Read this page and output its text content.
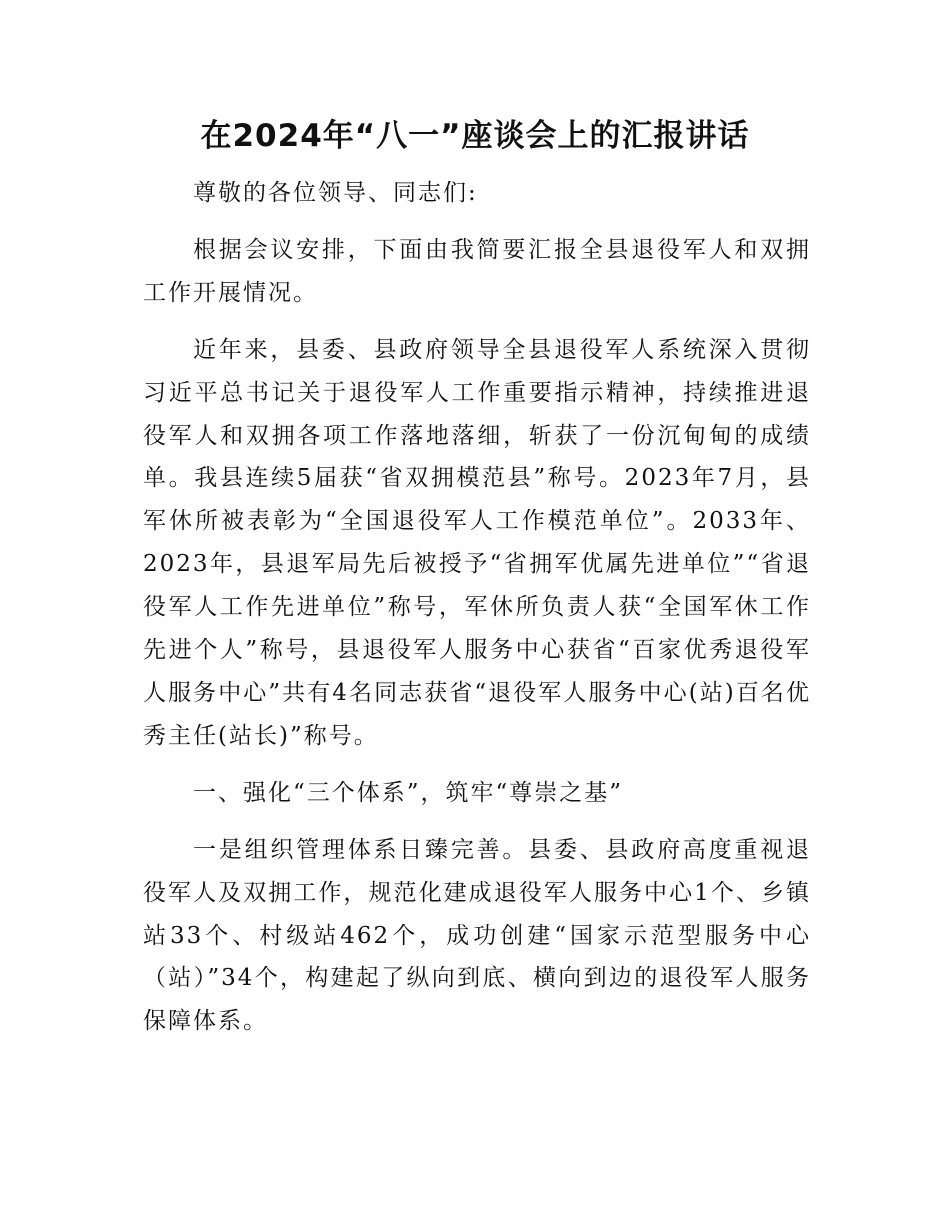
在2024年“八一”座谈会上的汇报讲话

尊敬的各位领导、同志们:

根据会议安排，下面由我简要汇报全县退役军人和双拥工作开展情况。

近年来，县委、县政府领导全县退役军人系统深入贯彻习近平总书记关于退役军人工作重要指示精神，持续推进退役军人和双拥各项工作落地落细，斩获了一份沉甸甸的成绩单。我县连续5届获“省双拥模范县”称号。2023年7月，县军休所被表彰为“全国退役军人工作模范单位”。2033年、2023年，县退军局先后被授予“省拥军优属先进单位”“省退役军人工作先进单位”称号，军休所负责人获“全国军休工作先进个人”称号，县退役军人服务中心获省“百家优秀退役军人服务中心”共有4名同志获省“退役军人服务中心(站)百名优秀主任(站长)”称号。

一、强化“三个体系”，筑牢“尊崇之基”

一是组织管理体系日臻完善。县委、县政府高度重视退役军人及双拥工作，规范化建成退役军人服务中心1个、乡镇站33个、村级站462个，成功创建“国家示范型服务中心（站）”34个，构建起了纵向到底、横向到边的退役军人服务保障体系。
